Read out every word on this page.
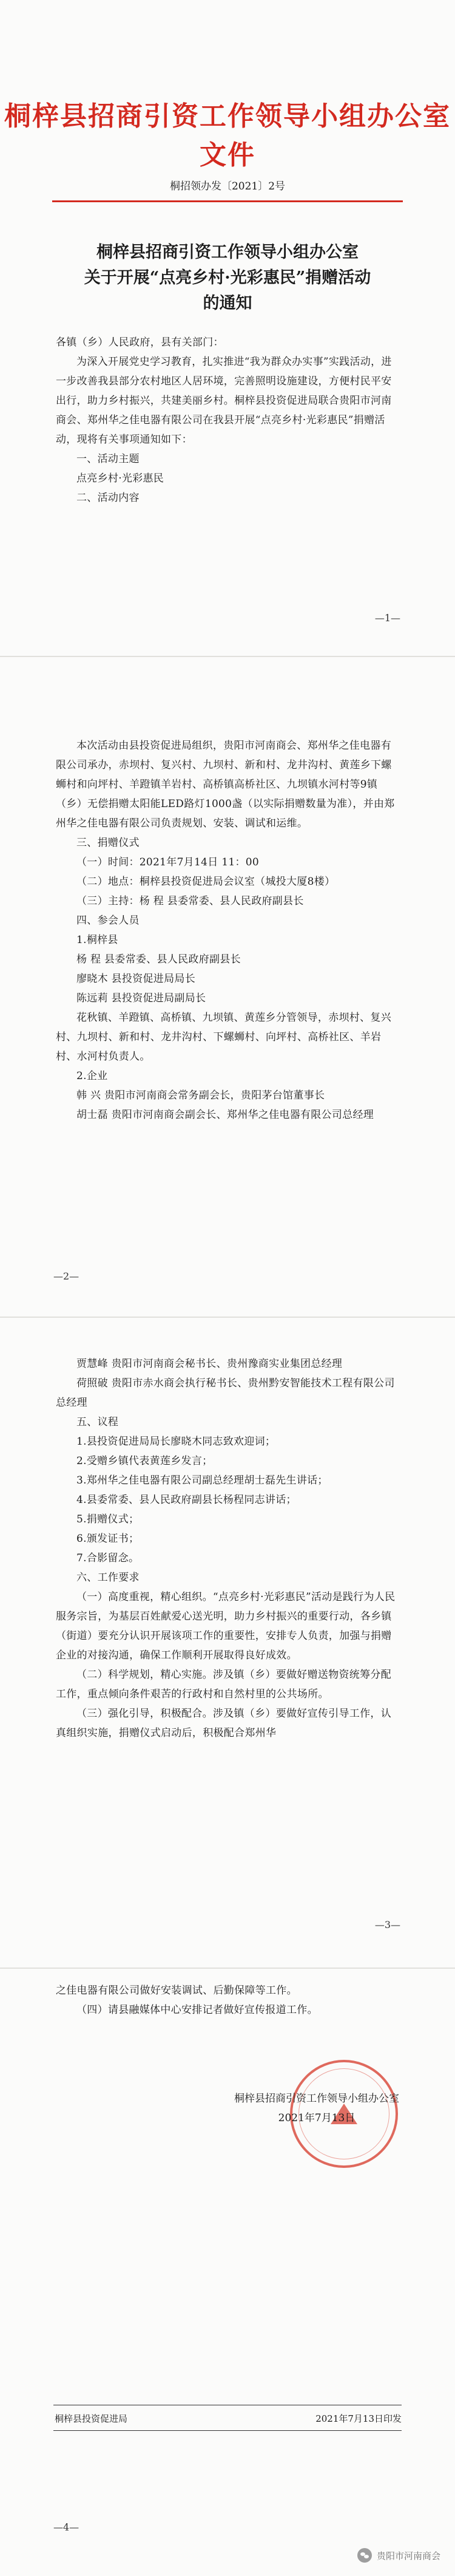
桐梓县招商引资工作领导小组办公室文件
桐招领办发〔2021〕2号
桐梓县招商引资工作领导小组办公室
关于开展“点亮乡村·光彩惠民”捐赠活动
的通知

各镇（乡）人民政府，县有关部门：

为深入开展党史学习教育，扎实推进“我为群众办实事”实践活动，进一步改善我县部分农村地区人居环境，完善照明设施建设，方便村民平安出行，助力乡村振兴，共建美丽乡村。桐梓县投资促进局联合贵阳市河南商会、郑州华之佳电器有限公司在我县开展“点亮乡村·光彩惠民”捐赠活动，现将有关事项通知如下：

一、活动主题

点亮乡村·光彩惠民

二、活动内容

—1—

本次活动由县投资促进局组织，贵阳市河南商会、郑州华之佳电器有限公司承办，赤坝村、复兴村、九坝村、新和村、龙井沟村、黄莲乡下螺蛳村和向坪村、羊蹬镇羊岩村、高桥镇高桥社区、九坝镇水河村等9镇（乡）无偿捐赠太阳能LED路灯1000盏（以实际捐赠数量为准），并由郑州华之佳电器有限公司负责规划、安装、调试和运维。

三、捐赠仪式

（一）时间：2021年7月14日 11：00

（二）地点：桐梓县投资促进局会议室（城投大厦8楼）

（三）主持：杨 程 县委常委、县人民政府副县长

四、参会人员

1.桐梓县

杨 程 县委常委、县人民政府副县长

廖晓木 县投资促进局局长

陈远莉 县投资促进局副局长

花秋镇、羊蹬镇、高桥镇、九坝镇、黄莲乡分管领导，赤坝村、复兴村、九坝村、新和村、龙井沟村、下螺蛳村、向坪村、高桥社区、羊岩村、水河村负责人。

2.企业

韩 兴 贵阳市河南商会常务副会长，贵阳茅台馆董事长

胡士磊 贵阳市河南商会副会长、郑州华之佳电器有限公司总经理

—2—

贾慧峰 贵阳市河南商会秘书长、贵州豫商实业集团总经理

荷照破 贵阳市赤水商会执行秘书长、贵州黔安智能技术工程有限公司总经理

五、议程

1.县投资促进局局长廖晓木同志致欢迎词；

2.受赠乡镇代表黄莲乡发言；

3.郑州华之佳电器有限公司副总经理胡士磊先生讲话；

4.县委常委、县人民政府副县长杨程同志讲话；

5.捐赠仪式；

6.颁发证书；

7.合影留念。

六、工作要求

（一）高度重视，精心组织。“点亮乡村·光彩惠民”活动是践行为人民服务宗旨，为基层百姓献爱心送光明，助力乡村振兴的重要行动，各乡镇（街道）要充分认识开展该项工作的重要性，安排专人负责，加强与捐赠企业的对接沟通，确保工作顺利开展取得良好成效。

（二）科学规划，精心实施。涉及镇（乡）要做好赠送物资统筹分配工作，重点倾向条件艰苦的行政村和自然村里的公共场所。

（三）强化引导，积极配合。涉及镇（乡）要做好宣传引导工作，认真组织实施，捐赠仪式启动后，积极配合郑州华

—3—

之佳电器有限公司做好安装调试、后勤保障等工作。

（四）请县融媒体中心安排记者做好宣传报道工作。

桐梓县招商引资工作领导小组办公室
2021年7月13日
桐梓县投资促进局	2021年7月13日印发
—4—
贵阳市河南商会
